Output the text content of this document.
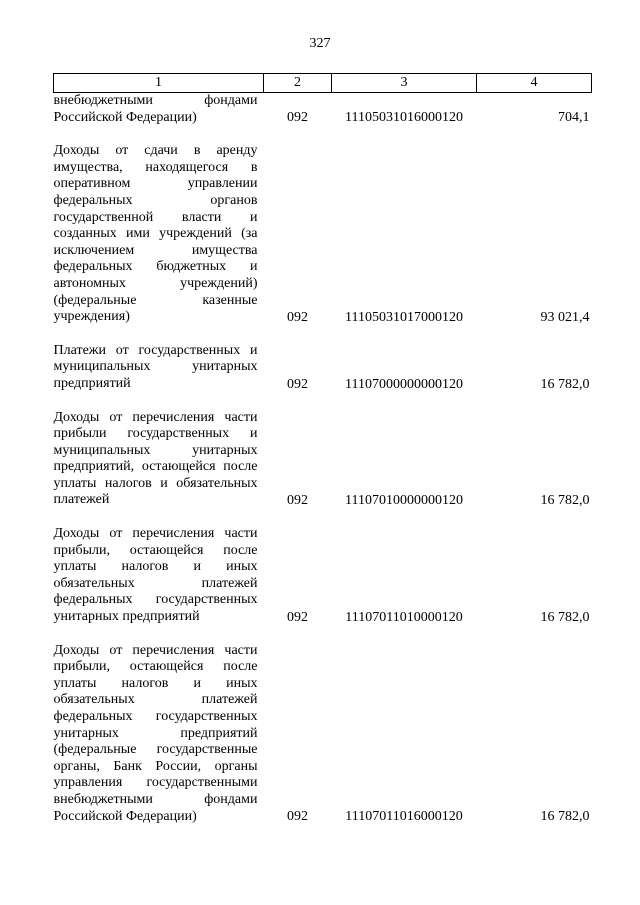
327
1	2	3	4
внебюджетными фондами Российской Федерации)	092	11105031016000120	704,1

Доходы от сдачи в аренду имущества, находящегося в оперативном управлении федеральных органов государственной власти и созданных ими учреждений (за исключением имущества федеральных бюджетных и автономных учреждений) (федеральные казенные учреждения)	092	11105031017000120	93 021,4

Платежи от государственных и муниципальных унитарных предприятий	092	11107000000000120	16 782,0

Доходы от перечисления части прибыли государственных и муниципальных унитарных предприятий, остающейся после уплаты налогов и обязательных платежей	092	11107010000000120	16 782,0

Доходы от перечисления части прибыли, остающейся после уплаты налогов и иных обязательных платежей федеральных государственных унитарных предприятий	092	11107011010000120	16 782,0

Доходы от перечисления части прибыли, остающейся после уплаты налогов и иных обязательных платежей федеральных государственных унитарных предприятий (федеральные государственные органы, Банк России, органы управления государственными внебюджетными фондами Российской Федерации)	092	11107011016000120	16 782,0
